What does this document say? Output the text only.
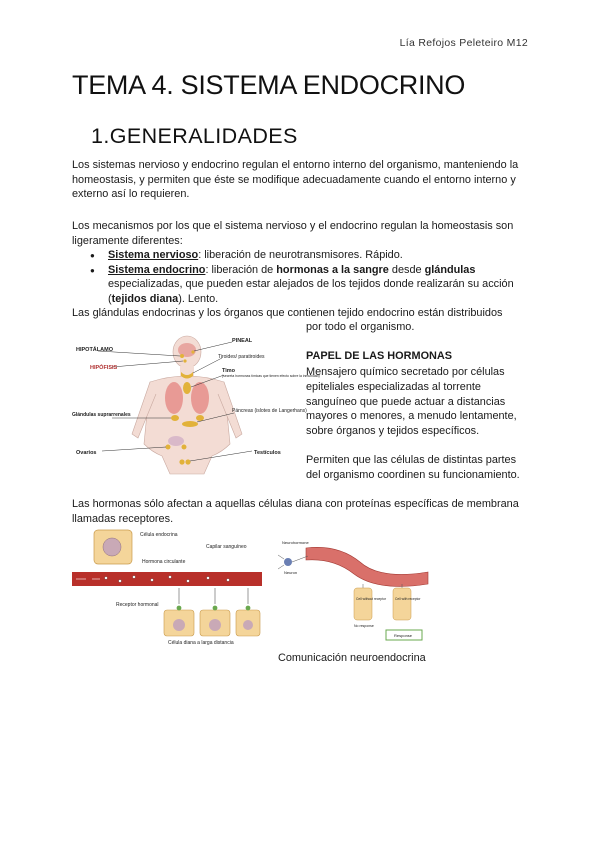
Lía Refojos Peleteiro M12
TEMA 4. SISTEMA ENDOCRINO
1.GENERALIDADES
Los sistemas nervioso y endocrino regulan el entorno interno del organismo, manteniendo la homeostasis, y permiten que éste se modifique adecuadamente cuando el entorno interno y externo así lo requieren.
Los mecanismos por los que el sistema nervioso y el endocrino regulan la homeostasis son ligeramente diferentes:
● Sistema nervioso: liberación de neurotransmisores. Rápido.
● Sistema endocrino: liberación de hormonas a la sangre desde glándulas especializadas, que pueden estar alejados de los tejidos donde realizarán su acción (tejidos diana). Lento.
Las glándulas endocrinas y los órganos que contienen tejido endocrino están distribuidos
por todo el organismo.
HIPOTÁLAMO
HIPÓFISIS
PINEAL
Tiroides/ paratiroides
Timo
(secreta hormonas tímicas que tienen efecto sobre la inmunidad)
Glándulas suprarrenales
Páncreas (islotes de Langerhans)
Ovarios	Testículos
PAPEL DE LAS HORMONAS
Mensajero químico secretado por células epiteliales especializadas al torrente sanguíneo que puede actuar a distancias mayores o menores, a menudo lentamente, sobre órganos y tejidos específicos.
Permiten que las células de distintas partes del organismo coordinen su funcionamiento.
Las hormonas sólo afectan a aquellas células diana con proteínas específicas de membrana llamadas receptores.
Célula endocrina
Hormona circulante
Capilar sanguíneo
Receptor hormonal
Célula diana a larga distancia
Neurohormone
Neuron
Cell without receptor	Cell with receptor
No response
Response
Comunicación neuroendocrina
